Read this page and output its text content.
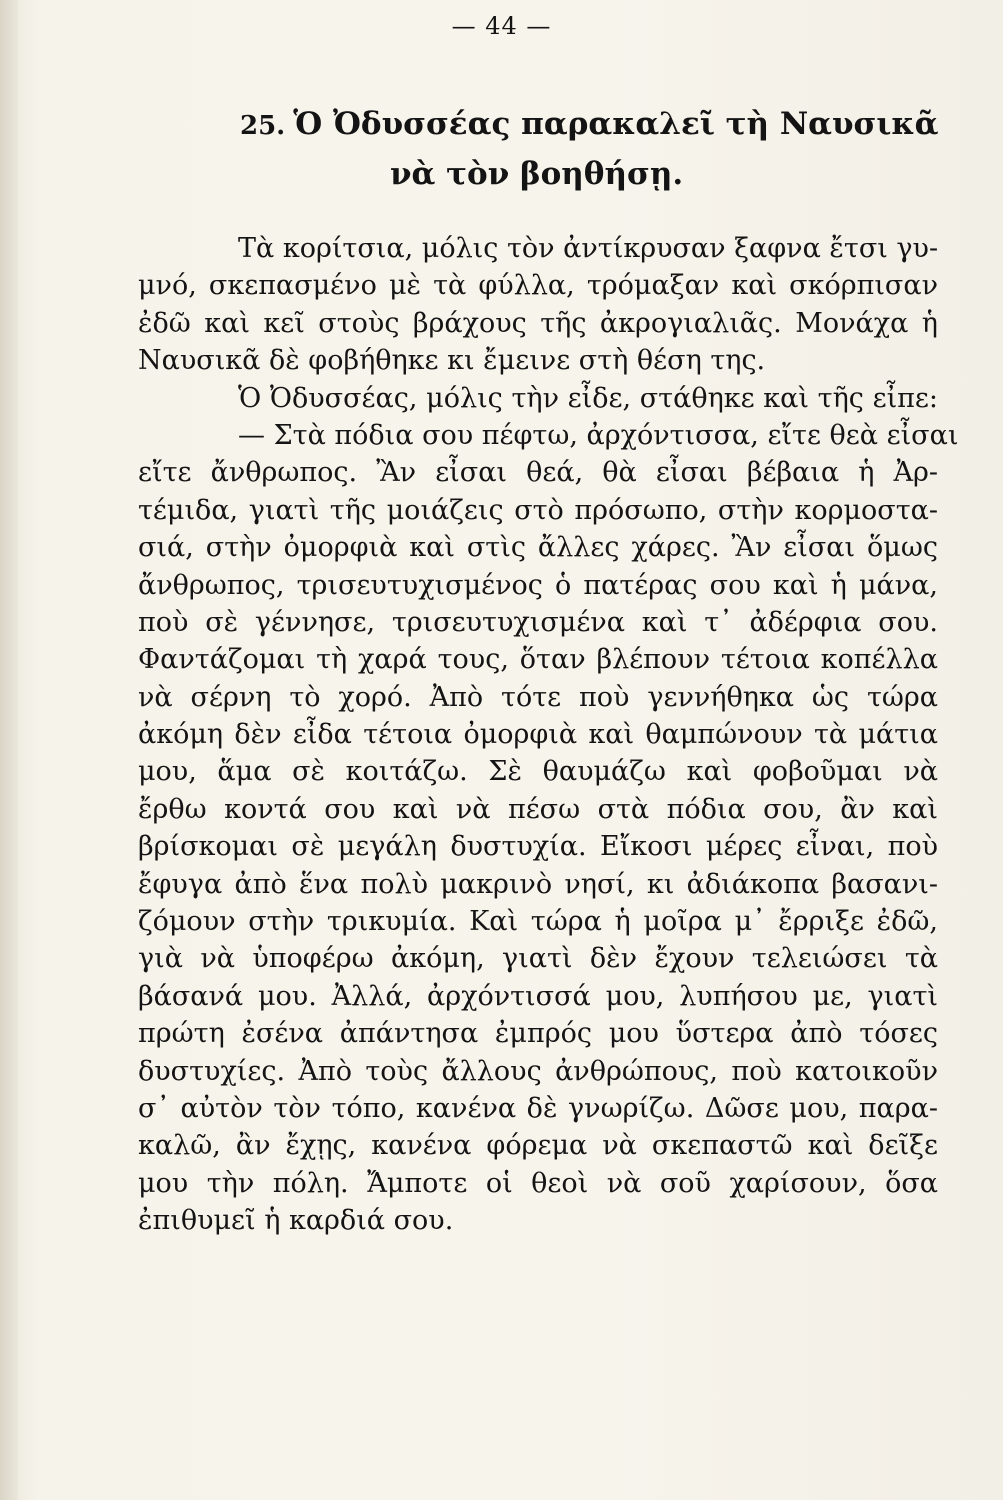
— 44 —
25. Ὁ Ὀδυσσέας παρακαλεῖ τὴ Ναυσικᾶ
νὰ τὸν βοηθήσῃ.
Τὰ κορίτσια, μόλις τὸν ἀντίκρυσαν ξαφνα ἔτσι γυ-
μνό, σκεπασμένο μὲ τὰ φύλλα, τρόμαξαν καὶ σκόρπισαν
ἐδῶ καὶ κεῖ στοὺς βράχους τῆς ἀκρογιαλιᾶς. Μονάχα ἡ
Ναυσικᾶ δὲ φοβήθηκε κι ἔμεινε στὴ θέση της.
Ὁ Ὀδυσσέας, μόλις τὴν εἶδε, στάθηκε καὶ τῆς εἶπε:
— Στὰ πόδια σου πέφτω, ἀρχόντισσα, εἴτε θεὰ εἶσαι
εἴτε ἄνθρωπος. Ἂν εἶσαι θεά, θὰ εἶσαι βέβαια ἡ Ἀρ-
τέμιδα, γιατὶ τῆς μοιάζεις στὸ πρόσωπο, στὴν κορμοστα-
σιά, στὴν ὀμορφιὰ καὶ στὶς ἄλλες χάρες. Ἂν εἶσαι ὅμως
ἄνθρωπος, τρισευτυχισμένος ὁ πατέρας σου καὶ ἡ μάνα,
ποὺ σὲ γέννησε, τρισευτυχισμένα καὶ τ᾿ ἀδέρφια σου.
Φαντάζομαι τὴ χαρά τους, ὅταν βλέπουν τέτοια κοπέλλα
νὰ σέρνη τὸ χορό. Ἀπὸ τότε ποὺ γεννήθηκα ὡς τώρα
ἀκόμη δὲν εἶδα τέτοια ὀμορφιὰ καὶ θαμπώνουν τὰ μάτια
μου, ἅμα σὲ κοιτάζω. Σὲ θαυμάζω καὶ φοβοῦμαι νὰ
ἔρθω κοντά σου καὶ νὰ πέσω στὰ πόδια σου, ἂν καὶ
βρίσκομαι σὲ μεγάλη δυστυχία. Εἴκοσι μέρες εἶναι, ποὺ
ἔφυγα ἀπὸ ἕνα πολὺ μακρινὸ νησί, κι ἀδιάκοπα βασανι-
ζόμουν στὴν τρικυμία. Καὶ τώρα ἡ μοῖρα μ᾿ ἔρριξε ἐδῶ,
γιὰ νὰ ὑποφέρω ἀκόμη, γιατὶ δὲν ἔχουν τελειώσει τὰ
βάσανά μου. Ἀλλά, ἀρχόντισσά μου, λυπήσου με, γιατὶ
πρώτη ἐσένα ἀπάντησα ἐμπρός μου ὕστερα ἀπὸ τόσες
δυστυχίες. Ἀπὸ τοὺς ἄλλους ἀνθρώπους, ποὺ κατοικοῦν
σ᾿ αὐτὸν τὸν τόπο, κανένα δὲ γνωρίζω. Δῶσε μου, παρα-
καλῶ, ἂν ἔχῃς, κανένα φόρεμα νὰ σκεπαστῶ καὶ δεῖξε
μου τὴν πόλη. Ἄμποτε οἱ θεοὶ νὰ σοῦ χαρίσουν, ὅσα
ἐπιθυμεῖ ἡ καρδιά σου.
